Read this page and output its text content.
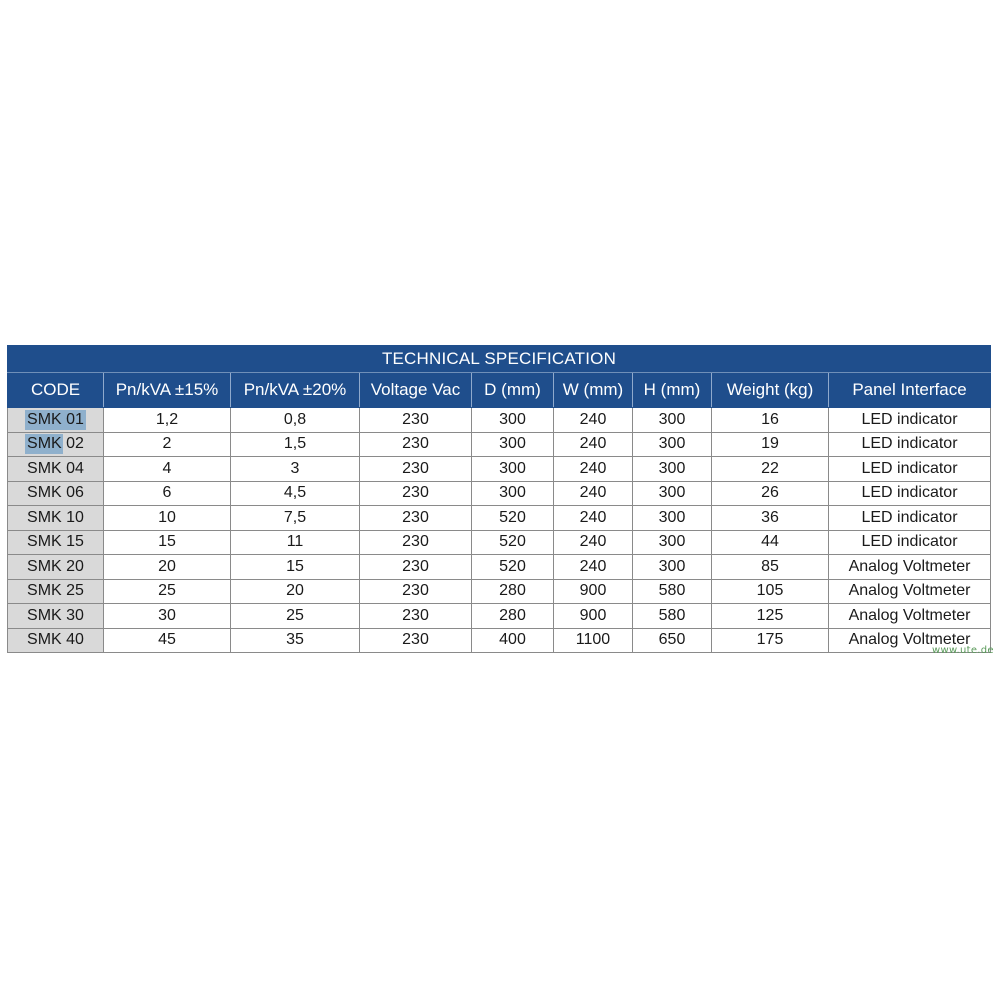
TECHNICAL SPECIFICATION								
CODE	Pn/kVA ±15%	Pn/kVA ±20%	Voltage Vac	D (mm)	W (mm)	H (mm)	Weight (kg)	Panel Interface
SMK 01	1,2	0,8	230	300	240	300	16	LED indicator
SMK 02	2	1,5	230	300	240	300	19	LED indicator
SMK 04	4	3	230	300	240	300	22	LED indicator
SMK 06	6	4,5	230	300	240	300	26	LED indicator
SMK 10	10	7,5	230	520	240	300	36	LED indicator
SMK 15	15	11	230	520	240	300	44	LED indicator
SMK 20	20	15	230	520	240	300	85	Analog Voltmeter
SMK 25	25	20	230	280	900	580	105	Analog Voltmeter
SMK 30	30	25	230	280	900	580	125	Analog Voltmeter
SMK 40	45	35	230	400	1100	650	175	Analog Voltmeter
www.ute.de
